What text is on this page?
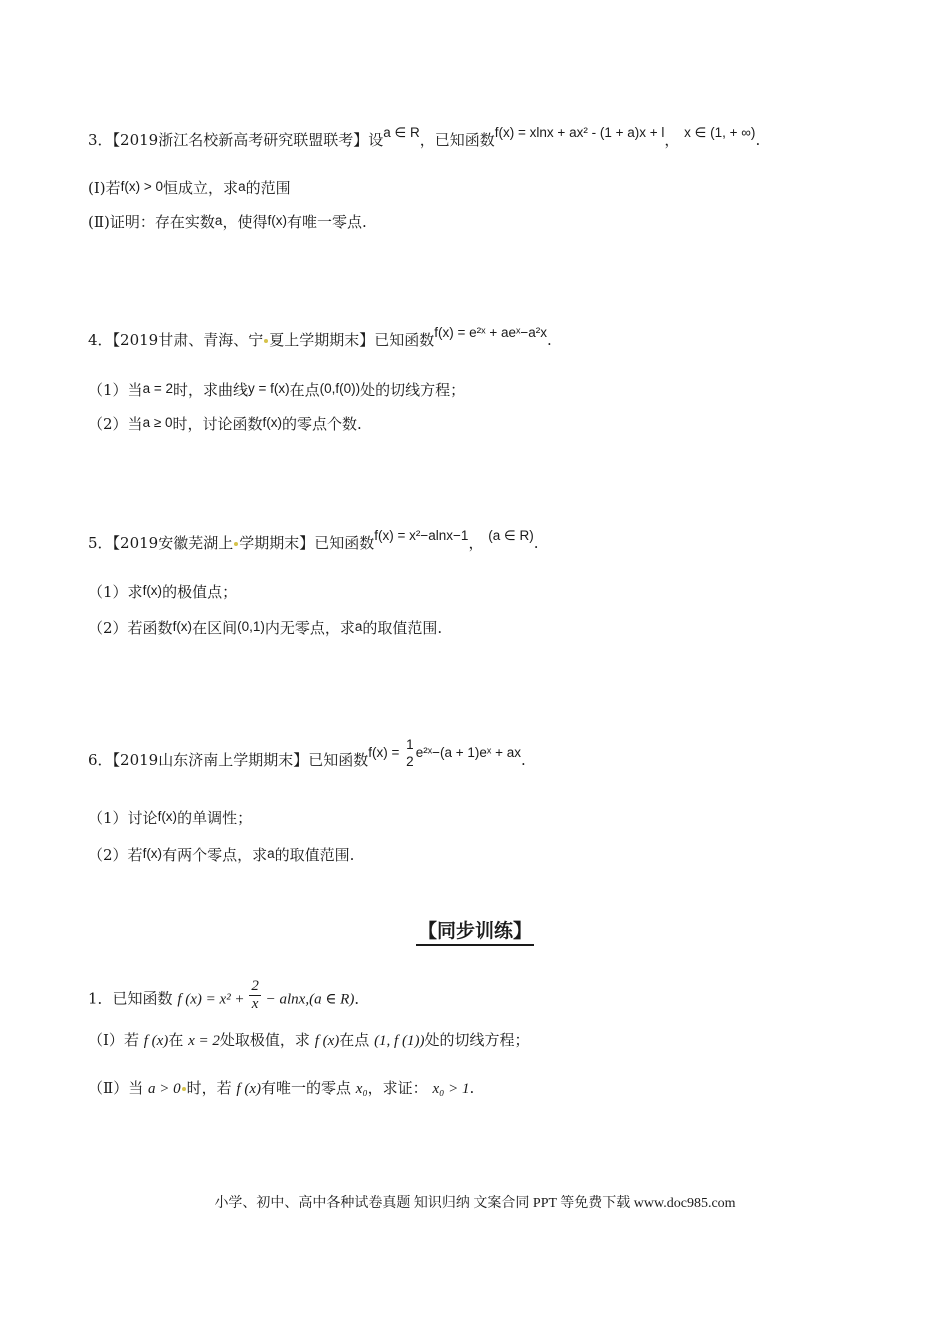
3．【2019浙江名校新高考研究联盟联考】设a ∈ R，已知函数f(x) = xlnx + ax² - (1 + a)x + l， x ∈ (1, + ∞).
(Ⅰ)若f(x) > 0恒成立，求a的范围
(Ⅱ)证明：存在实数a，使得f(x)有唯一零点.
4．【2019甘肃、青海、宁 夏上学期期末】已知函数f(x) = e²ˣ + aeˣ−a²x.
（1）当a = 2时，求曲线y = f(x)在点(0,f(0))处的切线方程；
（2）当a ≥ 0时，讨论函数f(x)的零点个数.
5．【2019安徽芜湖上 学期期末】已知函数f(x) = x²−alnx−1， (a ∈ R).
（1）求f(x)的极值点；
（2）若函数f(x)在区间(0,1)内无零点，求a的取值范围.
6．【2019山东济南上学期期末】已知函数f(x) =
1
2
e²ˣ−(a + 1)eˣ + ax.
（1）讨论f(x)的单调性；
（2）若f(x)有两个零点，求a的取值范围.
【同步训练】
1．已知函数 f $(x) = x^2 + \frac{2}{x} - alnx,(a$ ∈ R)．
（Ⅰ）若 f (x)在 x = 2处取极值，求 f (x)在点 (1, f (1))处的切线方程；
（Ⅱ）当 a > 0 时，若 f (x)有唯一的零点 x₀，求证： x₀ > 1.
小学、初中、高中各种试卷真题 知识归纳 文案合同 PPT 等免费下载 www.doc985.com
